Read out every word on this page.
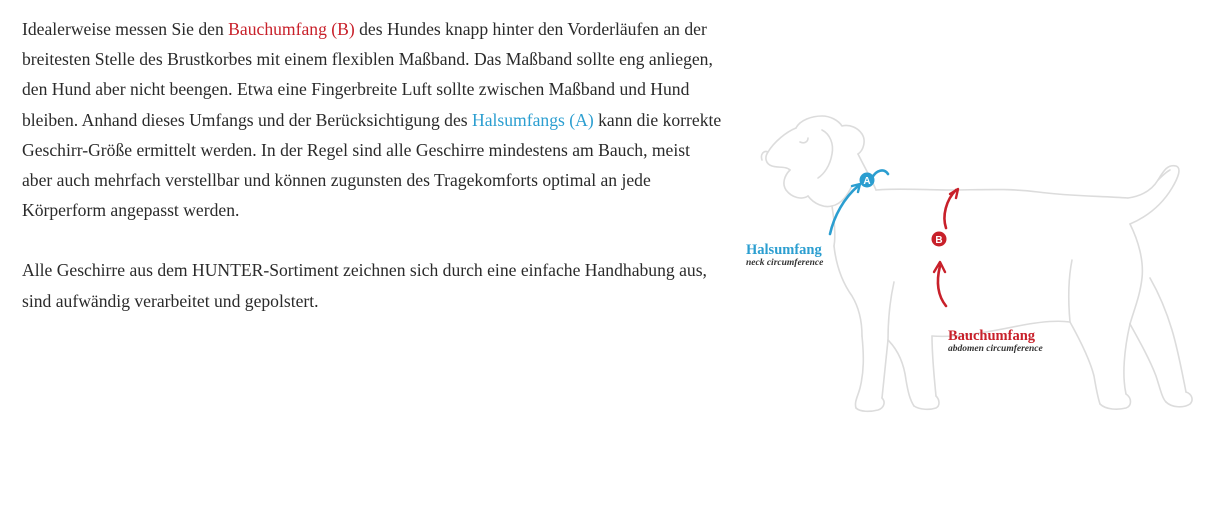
Idealerweise messen Sie den Bauchumfang (B) des Hundes knapp hinter den Vorderläufen an der breitesten Stelle des Brustkorbes mit einem flexiblen Maßband. Das Maßband sollte eng anliegen, den Hund aber nicht beengen. Etwa eine Fingerbreite Luft sollte zwischen Maßband und Hund bleiben. Anhand dieses Umfangs und der Berücksichtigung des Halsumfangs (A) kann die korrekte Geschirr-Größe ermittelt werden. In der Regel sind alle Geschirre mindestens am Bauch, meist aber auch mehrfach verstellbar und können zugunsten des Tragekomforts optimal an jede Körperform angepasst werden.

Alle Geschirre aus dem HUNTER-Sortiment zeichnen sich durch eine einfache Handhabung aus, sind aufwändig verarbeitet und gepolstert.

A
B
Halsumfang
neck circumference
Bauchumfang
abdomen circumference
